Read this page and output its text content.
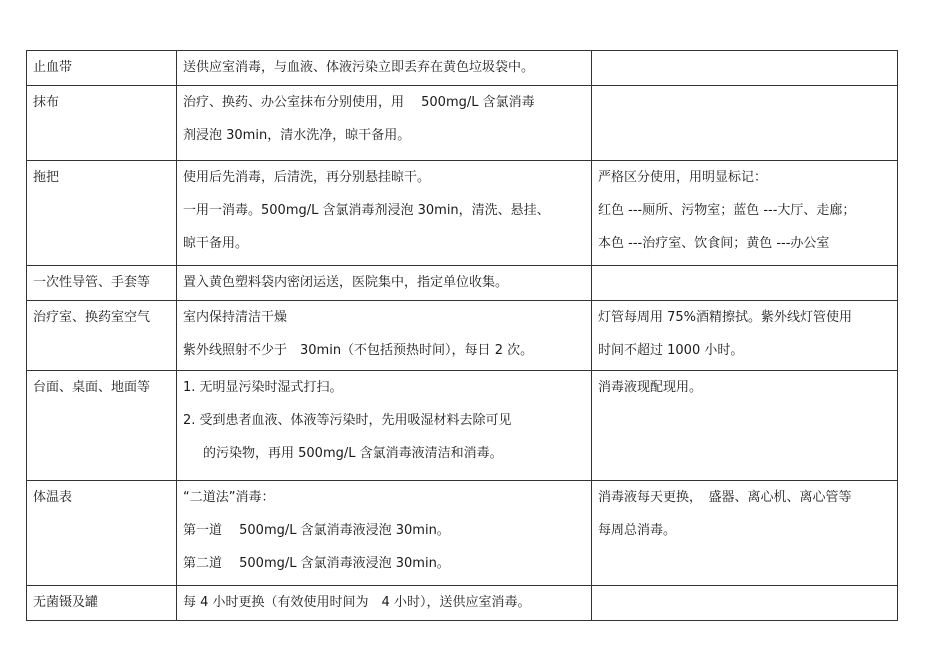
止血带	送供应室消毒，与血液、体液污染立即丢弃在黄色垃圾袋中。	

抹布	治疗、换药、办公室抹布分别使用，用　 500mg/L 含氯消毒
剂浸泡 30min，清水洗净，晾干备用。	

拖把	使用后先消毒，后清洗，再分别悬挂晾干。
一用一消毒。500mg/L 含氯消毒剂浸泡 30min，清洗、悬挂、
晾干备用。	严格区分使用，用明显标记：
红色 ---厕所、污物室；蓝色 ---大厅、走廊；
本色 ---治疗室、饮食间；黄色 ---办公室

一次性导管、手套等	置入黄色塑料袋内密闭运送，医院集中，指定单位收集。	

治疗室、换药室空气	室内保持清洁干燥
紫外线照射不少于　30min（不包括预热时间），每日 2 次。	灯管每周用 75%酒精擦拭。紫外线灯管使用
时间不超过 1000 小时。

台面、桌面、地面等	1. 无明显污染时湿式打扫。
2. 受到患者血液、体液等污染时，先用吸湿材料去除可见
的污染物，再用 500mg/L 含氯消毒液清洁和消毒。	消毒液现配现用。

体温表	“二道法”消毒：
第一道　 500mg/L 含氯消毒液浸泡 30min。
第二道　 500mg/L 含氯消毒液浸泡 30min。	消毒液每天更换，　盛器、离心机、离心管等
每周总消毒。

无菌镊及罐	每 4 小时更换（有效使用时间为　4 小时），送供应室消毒。	
